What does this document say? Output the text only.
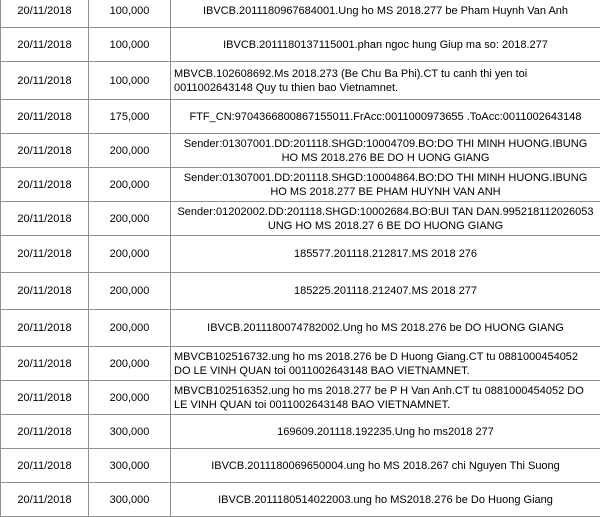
20/11/2018	100,000	IBVCB.2011180967684001.Ung ho MS 2018.277 be Pham Huynh Van Anh
20/11/2018	100,000	IBVCB.2011180137115001.phan ngoc hung Giup ma so: 2018.277
20/11/2018	100,000	MBVCB.102608692.Ms 2018.273 (Be Chu Ba Phi).CT tu canh thi yen toi 0011002643148 Quy tu thien bao Vietnamnet.
20/11/2018	175,000	FTF_CN:9704366800867155011.FrAcc:0011000973655 .ToAcc:0011002643148
20/11/2018	200,000	Sender:01307001.DD:201118.SHGD:10004709.BO:DO THI MINH HUONG.IBUNG HO MS 2018.276 BE DO H UONG GIANG
20/11/2018	200,000	Sender:01307001.DD:201118.SHGD:10004864.BO:DO THI MINH HUONG.IBUNG HO MS 2018.277 BE PHAM HUYNH VAN ANH
20/11/2018	200,000	Sender:01202002.DD:201118.SHGD:10002684.BO:BUI TAN DAN.995218112026053 UNG HO MS 2018.27 6 BE DO HUONG GIANG
20/11/2018	200,000	185577.201118.212817.MS 2018 276
20/11/2018	200,000	185225.201118.212407.MS 2018 277
20/11/2018	200,000	IBVCB.2011180074782002.Ung ho MS 2018.276 be DO HUONG GIANG
20/11/2018	200,000	MBVCB102516732.ung ho ms 2018.276 be D Huong Giang.CT tu 0881000454052 DO LE VINH QUAN toi 0011002643148 BAO VIETNAMNET.
20/11/2018	200,000	MBVCB102516352.ung ho ms 2018.277 be P H Van Anh.CT tu 0881000454052 DO LE VINH QUAN toi 0011002643148 BAO VIETNAMNET.
20/11/2018	300,000	169609.201118.192235.Ung ho ms2018 277
20/11/2018	300,000	IBVCB.2011180069650004.ung ho MS 2018.267 chi Nguyen Thi Suong
20/11/2018	300,000	IBVCB.2011180514022003.ung ho MS2018.276 be Do Huong Giang
